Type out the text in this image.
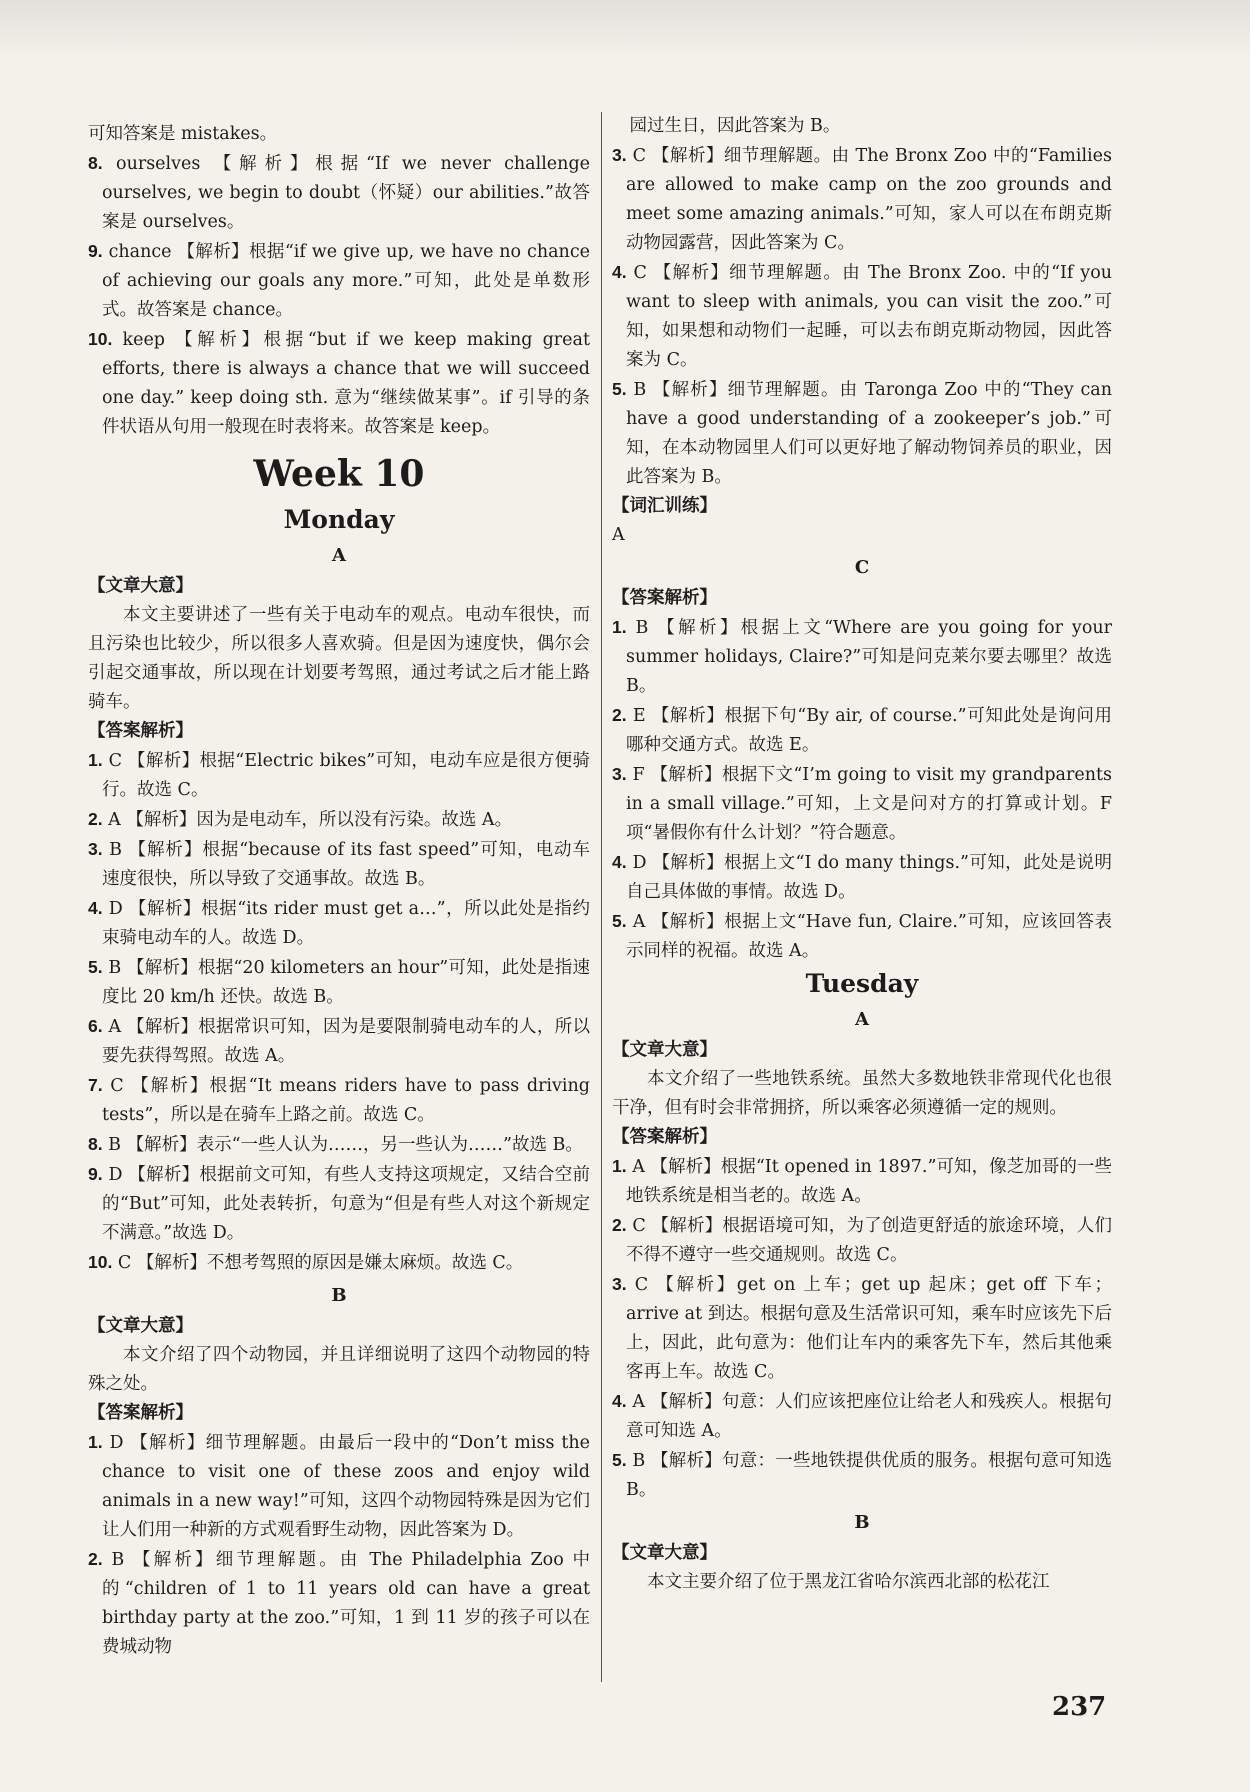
可知答案是 mistakes。

8. ourselves 【解析】根据“If we never challenge ourselves, we begin to doubt（怀疑）our abilities.”故答案是 ourselves。

9. chance 【解析】根据“if we give up, we have no chance of achieving our goals any more.”可知，此处是单数形式。故答案是 chance。

10. keep 【解析】根据“but if we keep making great efforts, there is always a chance that we will succeed one day.” keep doing sth. 意为“继续做某事”。if 引导的条件状语从句用一般现在时表将来。故答案是 keep。

Week 10
Monday

A

【文章大意】

本文主要讲述了一些有关于电动车的观点。电动车很快，而且污染也比较少，所以很多人喜欢骑。但是因为速度快，偶尔会引起交通事故，所以现在计划要考驾照，通过考试之后才能上路骑车。

【答案解析】

1. C 【解析】根据“Electric bikes”可知，电动车应是很方便骑行。故选 C。

2. A 【解析】因为是电动车，所以没有污染。故选 A。

3. B 【解析】根据“because of its fast speed”可知，电动车速度很快，所以导致了交通事故。故选 B。

4. D 【解析】根据“its rider must get a…”，所以此处是指约束骑电动车的人。故选 D。

5. B 【解析】根据“20 kilometers an hour”可知，此处是指速度比 20 km/h 还快。故选 B。

6. A 【解析】根据常识可知，因为是要限制骑电动车的人，所以要先获得驾照。故选 A。

7. C 【解析】根据“It means riders have to pass driving tests”，所以是在骑车上路之前。故选 C。

8. B 【解析】表示“一些人认为……，另一些认为……”故选 B。

9. D 【解析】根据前文可知，有些人支持这项规定，又结合空前的“But”可知，此处表转折，句意为“但是有些人对这个新规定不满意。”故选 D。

10. C 【解析】不想考驾照的原因是嫌太麻烦。故选 C。

B

【文章大意】

本文介绍了四个动物园，并且详细说明了这四个动物园的特殊之处。

【答案解析】

1. D 【解析】细节理解题。由最后一段中的“Don’t miss the chance to visit one of these zoos and enjoy wild animals in a new way!”可知，这四个动物园特殊是因为它们让人们用一种新的方式观看野生动物，因此答案为 D。

2. B 【解析】细节理解题。由 The Philadelphia Zoo 中的“children of 1 to 11 years old can have a great birthday party at the zoo.”可知，1 到 11 岁的孩子可以在费城动物

　园过生日，因此答案为 B。

3. C 【解析】细节理解题。由 The Bronx Zoo 中的“Families are allowed to make camp on the zoo grounds and meet some amazing animals.”可知，家人可以在布朗克斯动物园露营，因此答案为 C。

4. C 【解析】细节理解题。由 The Bronx Zoo. 中的“If you want to sleep with animals, you can visit the zoo.”可知，如果想和动物们一起睡，可以去布朗克斯动物园，因此答案为 C。

5. B 【解析】细节理解题。由 Taronga Zoo 中的“They can have a good understanding of a zookeeper’s job.”可知，在本动物园里人们可以更好地了解动物饲养员的职业，因此答案为 B。

【词汇训练】

A

C

【答案解析】

1. B 【解析】根据上文“Where are you going for your summer holidays, Claire?”可知是问克莱尔要去哪里？故选 B。

2. E 【解析】根据下句“By air, of course.”可知此处是询问用哪种交通方式。故选 E。

3. F 【解析】根据下文“I’m going to visit my grandparents in a small village.”可知，上文是问对方的打算或计划。F 项“暑假你有什么计划？”符合题意。

4. D 【解析】根据上文“I do many things.”可知，此处是说明自己具体做的事情。故选 D。

5. A 【解析】根据上文“Have fun, Claire.”可知，应该回答表示同样的祝福。故选 A。

Tuesday

A

【文章大意】

本文介绍了一些地铁系统。虽然大多数地铁非常现代化也很干净，但有时会非常拥挤，所以乘客必须遵循一定的规则。

【答案解析】

1. A 【解析】根据“It opened in 1897.”可知，像芝加哥的一些地铁系统是相当老的。故选 A。

2. C 【解析】根据语境可知，为了创造更舒适的旅途环境，人们不得不遵守一些交通规则。故选 C。

3. C 【解析】get on 上车；get up 起床；get off 下车；arrive at 到达。根据句意及生活常识可知，乘车时应该先下后上，因此，此句意为：他们让车内的乘客先下车，然后其他乘客再上车。故选 C。

4. A 【解析】句意：人们应该把座位让给老人和残疾人。根据句意可知选 A。

5. B 【解析】句意：一些地铁提供优质的服务。根据句意可知选 B。

B

【文章大意】

本文主要介绍了位于黑龙江省哈尔滨西北部的松花江

237
